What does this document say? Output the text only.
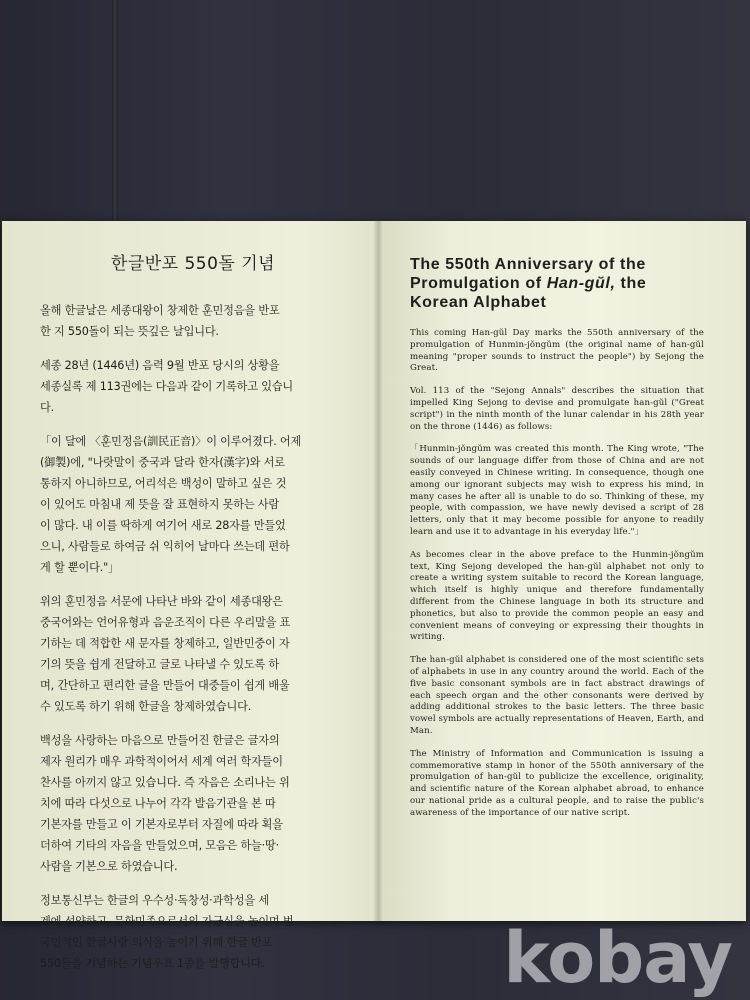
한글반포 550돌 기념

올해 한글날은 세종대왕이 창제한 훈민정음을 반포
한 지 550돌이 되는 뜻깊은 날입니다.

세종 28년 (1446년) 음력 9월 반포 당시의 상황을
세종실록 제 113권에는 다음과 같이 기록하고 있습니
다.

「이 달에 〈훈민정음(訓民正音)〉이 이루어졌다. 어제
(御製)에, "나랏말이 중국과 달라 한자(漢字)와 서로
통하지 아니하므로, 어리석은 백성이 말하고 싶은 것
이 있어도 마침내 제 뜻을 잘 표현하지 못하는 사람
이 많다. 내 이를 딱하게 여기어 새로 28자를 만들었
으니, 사람들로 하여금 쉬 익히어 날마다 쓰는데 편하
게 할 뿐이다."」

위의 훈민정음 서문에 나타난 바와 같이 세종대왕은
중국어와는 언어유형과 음운조직이 다른 우리말을 표
기하는 데 적합한 새 문자를 창제하고, 일반민중이 자
기의 뜻을 쉽게 전달하고 글로 나타낼 수 있도록 하
며, 간단하고 편리한 글을 만들어 대중들이 쉽게 배울
수 있도록 하기 위해 한글을 창제하였습니다.

백성을 사랑하는 마음으로 만들어진 한글은 글자의
제자 원리가 매우 과학적이어서 세계 여러 학자들이
찬사를 아끼지 않고 있습니다. 즉 자음은 소리나는 위
치에 따라 다섯으로 나누어 각각 발음기관을 본 따
기본자를 만들고 이 기본자로부터 자질에 따라 획을
더하여 기타의 자음을 만들었으며, 모음은 하늘·땅·
사람을 기본으로 하였습니다.

정보통신부는 한글의 우수성·독창성·과학성을 세
계에 선양하고, 문화민족으로서의 자긍심을 높이며 범
국민적인 한글사랑 의식을 높이기 위해 한글 반포
550돌을 기념하는 기념우표 1종을 발행합니다.

The 550th Anniversary of the Promulgation of Han-gŭl, the Korean Alphabet

This coming Han-gŭl Day marks the 550th anniversary of the promulgation of Hunmin-jŏngŭm (the original name of han-gŭl meaning "proper sounds to instruct the people") by Sejong the Great.

Vol. 113 of the "Sejong Annals" describes the situation that impelled King Sejong to devise and promulgate han-gŭl ("Great script") in the ninth month of the lunar calendar in his 28th year on the throne (1446) as follows:

「Hunmin-jŏngŭm was created this month. The King wrote, "The sounds of our language differ from those of China and are not easily conveyed in Chinese writing. In consequence, though one among our ignorant subjects may wish to express his mind, in many cases he after all is unable to do so. Thinking of these, my people, with compassion, we have newly devised a script of 28 letters, only that it may become possible for anyone to readily learn and use it to advantage in his everyday life."」

As becomes clear in the above preface to the Hunmin-jŏngŭm text, King Sejong developed the han-gŭl alphabet not only to create a writing system suitable to record the Korean language, which itself is highly unique and therefore fundamentally different from the Chinese language in both its structure and phonetics, but also to provide the common people an easy and convenient means of conveying or expressing their thoughts in writing.

The han-gŭl alphabet is considered one of the most scientific sets of alphabets in use in any country around the world. Each of the five basic consonant symbols are in fact abstract drawings of each speech organ and the other consonants were derived by adding additional strokes to the basic letters. The three basic vowel symbols are actually representations of Heaven, Earth, and Man.

The Ministry of Information and Communication is issuing a commemorative stamp in honor of the 550th anniversary of the promulgation of han-gŭl to publicize the excellence, originality, and scientific nature of the Korean alphabet abroad, to enhance our national pride as a cultural people, and to raise the public's awareness of the importance of our native script.

kobay
